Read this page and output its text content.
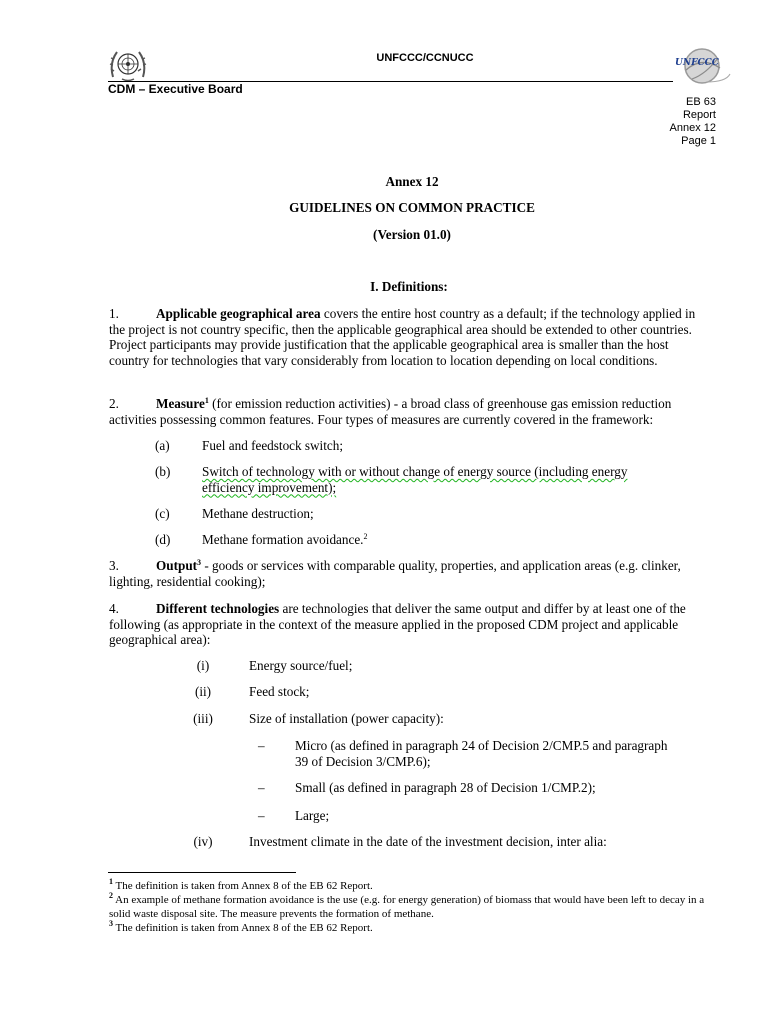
UNFCCC/CCNUCC	UNFCCC
CDM – Executive Board
EB 63
Report
Annex 12
Page 1
Annex 12
GUIDELINES ON COMMON PRACTICE
(Version 01.0)
I. Definitions:
1.	Applicable geographical area covers the entire host country as a default; if the technology applied in the project is not country specific, then the applicable geographical area should be extended to other countries. Project participants may provide justification that the applicable geographical area is smaller than the host country for technologies that vary considerably from location to location depending on local conditions.
2.	Measure$^1$ (for emission reduction activities) - a broad class of greenhouse gas emission reduction activities possessing common features. Four types of measures are currently covered in the framework:
(a) Fuel and feedstock switch;
(b) Switch of technology with or without change of energy source (including energy efficiency improvement);
(c) Methane destruction;
(d) Methane formation avoidance.$^2$
3.	Output$^3$ - goods or services with comparable quality, properties, and application areas (e.g. clinker, lighting, residential cooking);
4.	Different technologies are technologies that deliver the same output and differ by at least one of the following (as appropriate in the context of the measure applied in the proposed CDM project and applicable geographical area):
(i)	Energy source/fuel;
(ii)	Feed stock;
(iii)	Size of installation (power capacity):
– Micro (as defined in paragraph 24 of Decision 2/CMP.5 and paragraph 39 of Decision 3/CMP.6);
– Small (as defined in paragraph 28 of Decision 1/CMP.2);
– Large;
(iv)	Investment climate in the date of the investment decision, inter alia:
$^1$ The definition is taken from Annex 8 of the EB 62 Report.
$^2$ An example of methane formation avoidance is the use (e.g. for energy generation) of biomass that would have been left to decay in a solid waste disposal site. The measure prevents the formation of methane.
$^3$ The definition is taken from Annex 8 of the EB 62 Report.
